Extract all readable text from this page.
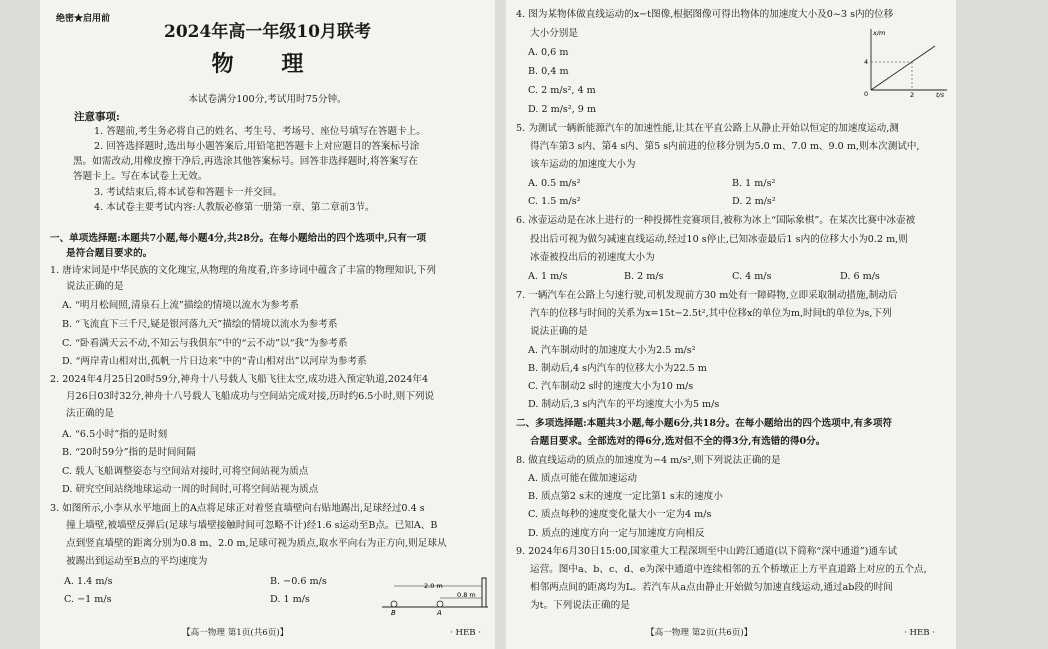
绝密★启用前
2024年高一年级10月联考
物 理
本试卷满分100分,考试用时75分钟。
注意事项:
1. 答题前,考生务必将自己的姓名、考生号、考场号、座位号填写在答题卡上。
2. 回答选择题时,选出每小题答案后,用铅笔把答题卡上对应题目的答案标号涂
黑。如需改动,用橡皮擦干净后,再选涂其他答案标号。回答非选择题时,将答案写在
答题卡上。写在本试卷上无效。
3. 考试结束后,将本试卷和答题卡一并交回。
4. 本试卷主要考试内容:人教版必修第一册第一章、第二章前3节。
一、单项选择题:本题共7小题,每小题4分,共28分。在每小题给出的四个选项中,只有一项
是符合题目要求的。
1. 唐诗宋词是中华民族的文化瑰宝,从物理的角度看,许多诗词中蕴含了丰富的物理知识,下列
说法正确的是
A. “明月松间照,清泉石上流”描绘的情境以流水为参考系
B. “飞流直下三千尺,疑是银河落九天”描绘的情境以流水为参考系
C. “卧看满天云不动,不知云与我俱东”中的“云不动”以“我”为参考系
D. “两岸青山相对出,孤帆一片日边来”中的“青山相对出”以河岸为参考系
2. 2024年4月25日20时59分,神舟十八号载人飞船飞往太空,成功进入预定轨道,2024年4
月26日03时32分,神舟十八号载人飞船成功与空间站完成对接,历时约6.5小时,则下列说
法正确的是
A. “6.5小时”指的是时刻
B. “20时59分”指的是时间间隔
C. 载人飞船调整姿态与空间站对接时,可将空间站视为质点
D. 研究空间站绕地球运动一周的时间时,可将空间站视为质点
3. 如图所示,小李从水平地面上的A点将足球正对着竖直墙壁向右贴地踢出,足球经过0.4 s
撞上墙壁,被墙壁反弹后(足球与墙壁接触时间可忽略不计)经1.6 s运动至B点。已知A、B
点到竖直墙壁的距离分别为0.8 m、2.0 m,足球可视为质点,取水平向右为正方向,则足球从
被踢出到运动至B点的平均速度为
A. 1.4 m/s	B. −0.6 m/s
C. −1 m/s	D. 1 m/s
2.0 m
0.8 m
B	A
【高一物理 第1页(共6页)】	· HEB ·
4. 图为某物体做直线运动的x−t图像,根据图像可得出物体的加速度大小及0~3 s内的位移
大小分别是
A. 0,6 m
B. 0,4 m
C. 2 m/s², 4 m
D. 2 m/s², 9 m
x/m
t/s
4
2
0
5. 为测试一辆新能源汽车的加速性能,让其在平直公路上从静止开始以恒定的加速度运动,测
得汽车第3 s内、第4 s内、第5 s内前进的位移分别为5.0 m、7.0 m、9.0 m,则本次测试中,
该车运动的加速度大小为
A. 0.5 m/s²	B. 1 m/s²
C. 1.5 m/s²	D. 2 m/s²
6. 冰壶运动是在冰上进行的一种投掷性竞赛项目,被称为冰上“国际象棋”。在某次比赛中冰壶被
投出后可视为做匀减速直线运动,经过10 s停止,已知冰壶最后1 s内的位移大小为0.2 m,则
冰壶被投出后的初速度大小为
A. 1 m/s	B. 2 m/s	C. 4 m/s	D. 6 m/s
7. 一辆汽车在公路上匀速行驶,司机发现前方30 m处有一障碍物,立即采取制动措施,制动后
汽车的位移与时间的关系为x=15t−2.5t²,其中位移x的单位为m,时间t的单位为s,下列
说法正确的是
A. 汽车制动时的加速度大小为2.5 m/s²
B. 制动后,4 s内汽车的位移大小为22.5 m
C. 汽车制动2 s时的速度大小为10 m/s
D. 制动后,3 s内汽车的平均速度大小为5 m/s
二、多项选择题:本题共3小题,每小题6分,共18分。在每小题给出的四个选项中,有多项符
合题目要求。全部选对的得6分,选对但不全的得3分,有选错的得0分。
8. 做直线运动的质点的加速度为−4 m/s²,则下列说法正确的是
A. 质点可能在做加速运动
B. 质点第2 s末的速度一定比第1 s末的速度小
C. 质点每秒的速度变化量大小一定为4 m/s
D. 质点的速度方向一定与加速度方向相反
9. 2024年6月30日15:00,国家重大工程深圳至中山跨江通道(以下简称“深中通道”)通车试
运营。图中a、b、c、d、e为深中通道中连续相邻的五个桥墩正上方平直道路上对应的五个点,
相邻两点间的距离均为L。若汽车从a点由静止开始做匀加速直线运动,通过ab段的时间
为t。下列说法正确的是
【高一物理 第2页(共6页)】	· HEB ·
